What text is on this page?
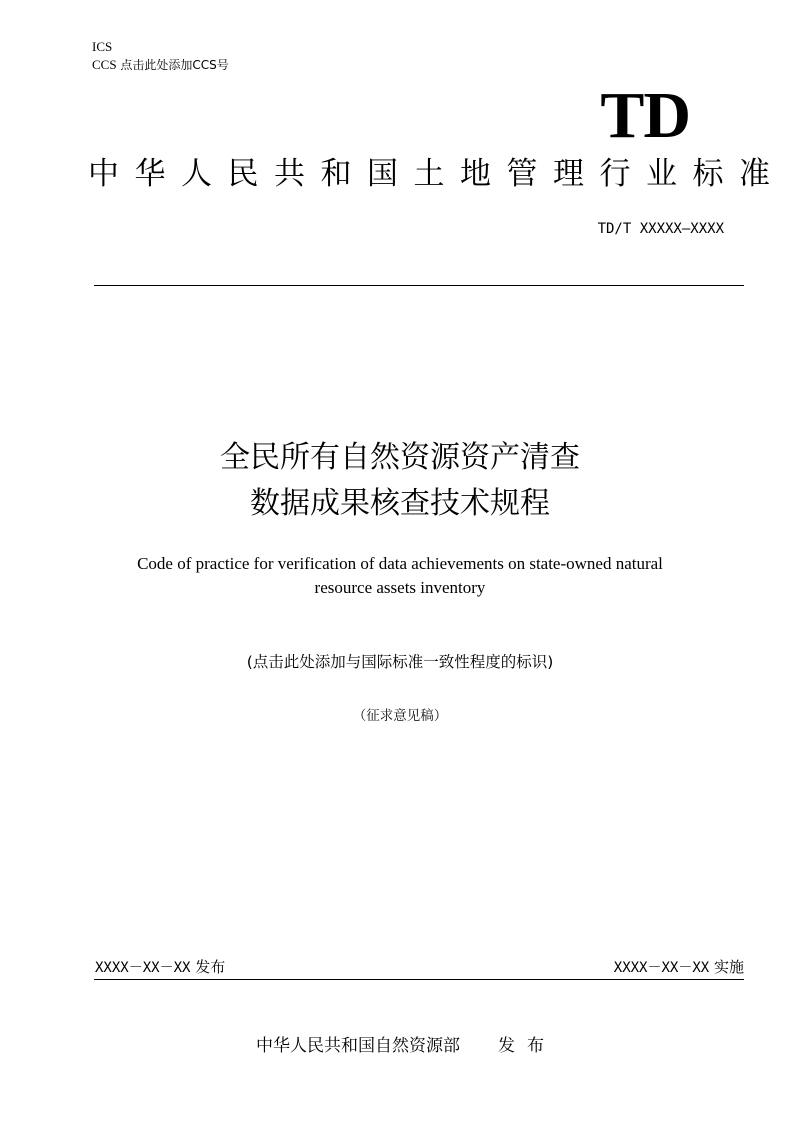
ICS
CCS 点击此处添加CCS号
TD
中华人民共和国土地管理行业标准
TD/T XXXXX—XXXX
全民所有自然资源资产清查
数据成果核查技术规程
Code of practice for verification of data achievements on state-owned natural
resource assets inventory
(点击此处添加与国际标准一致性程度的标识)
（征求意见稿）
XXXX－XX－XX 发布	XXXX－XX－XX 实施
中华人民共和国自然资源部 发布
